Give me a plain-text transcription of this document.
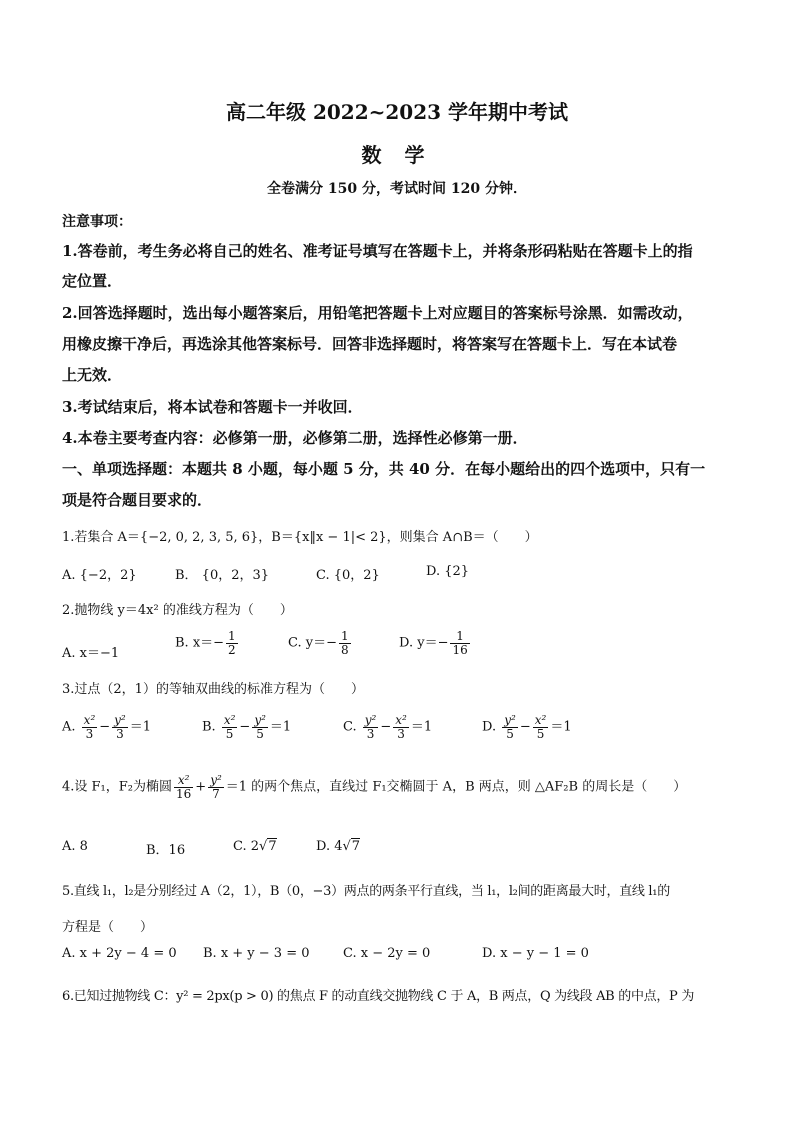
高二年级 2022~2023 学年期中考试
数 学
全卷满分 150 分，考试时间 120 分钟．
注意事项：
1.答卷前，考生务必将自己的姓名、准考证号填写在答题卡上，并将条形码粘贴在答题卡上的指
定位置．
2.回答选择题时，选出每小题答案后，用铅笔把答题卡上对应题目的答案标号涂黑．如需改动，
用橡皮擦干净后，再选涂其他答案标号．回答非选择题时，将答案写在答题卡上．写在本试卷
上无效．
3.考试结束后，将本试卷和答题卡一并收回．
4.本卷主要考查内容：必修第一册，必修第二册，选择性必修第一册．
一、单项选择题：本题共 8 小题，每小题 5 分，共 40 分．在每小题给出的四个选项中，只有一
项是符合题目要求的．
1.若集合 A＝{−2, 0, 2, 3, 5, 6}，B＝{x‖x − 1|< 2}，则集合 A∩B＝（　　）
A. {−2，2}	B． {0，2，3}	C. {0，2}	D. {2}
2.抛物线 y＝4x² 的准线方程为（　　）
A. x＝−1
B. $x=- \frac{1}{2}$	C. $y=- \frac{1}{8}$	D. $y=- \frac{1}{16}$
3.过点（2，1）的等轴双曲线的标准方程为（　　）
A. $\frac{\text{x²}}{3} - \frac{\text{y²}}{3} =1$	B. $\frac{\text{x²}}{5} - \frac{\text{y²}}{5} =1$	C. $\frac{\text{y²}}{3} - \frac{\text{x²}}{3} =1$	D. $\frac{\text{y²}}{5} - \frac{\text{x²}}{5} =1$
4.设 F₁，F₂为椭圆 $\frac{\text{x²}}{16} + \frac{\text{y²}}{7} =1$ 的两个焦点，直线过 F₁交椭圆于 A，B 两点，则 △AF₂B 的周长是（　　）
A. 8	B．16	C. 2√7	D. 4√7
5.直线 l₁，l₂是分别经过 A（2，1），B（0，−3）两点的两条平行直线，当 l₁，l₂间的距离最大时，直线 l₁的
方程是（　　）
A. x + 2y − 4 = 0 B. x + y − 3 = 0	C. x − 2y = 0	D. x − y − 1 = 0
6.已知过抛物线 C：y² = 2px(p > 0) 的焦点 F 的动直线交抛物线 C 于 A，B 两点，Q 为线段 AB 的中点，P 为
